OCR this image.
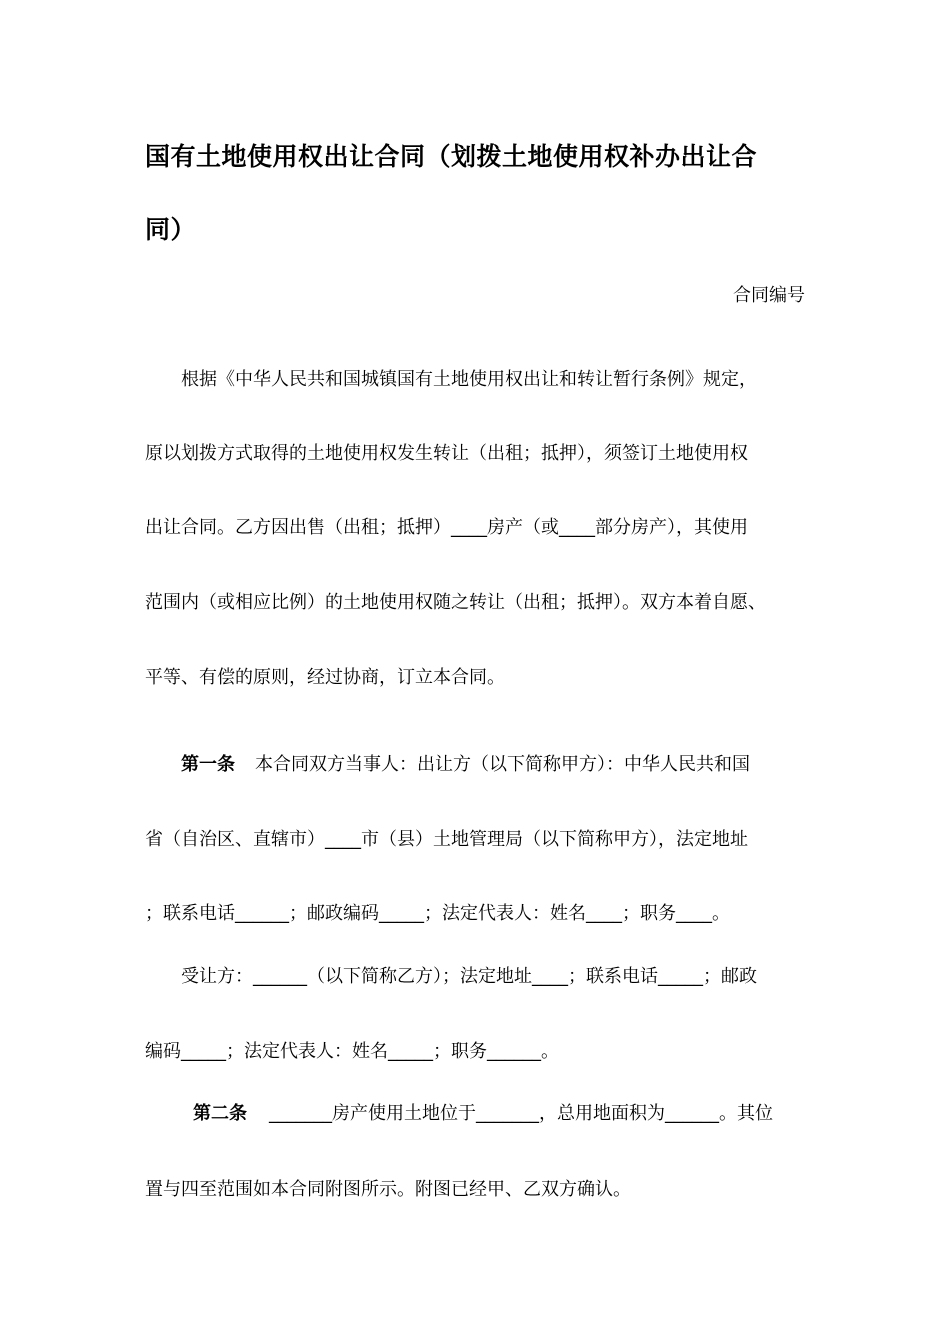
国有土地使用权出让合同（划拨土地使用权补办出让合
同）
合同编号
根据《中华人民共和国城镇国有土地使用权出让和转让暂行条例》规定，
原以划拨方式取得的土地使用权发生转让（出租；抵押），须签订土地使用权
出让合同。乙方因出售（出租；抵押）____房产（或____部分房产），其使用
范围内（或相应比例）的土地使用权随之转让（出租；抵押）。双方本着自愿、
平等、有偿的原则，经过协商，订立本合同。
第一条 本合同双方当事人：出让方（以下简称甲方）：中华人民共和国
省（自治区、直辖市）____市（县）土地管理局（以下简称甲方），法定地址
；联系电话______；邮政编码_____；法定代表人：姓名____；职务____。
受让方：______（以下简称乙方）；法定地址____；联系电话_____；邮政
编码_____；法定代表人：姓名_____；职务______。
第二条 _______房产使用土地位于_______，总用地面积为______。其位
置与四至范围如本合同附图所示。附图已经甲、乙双方确认。
